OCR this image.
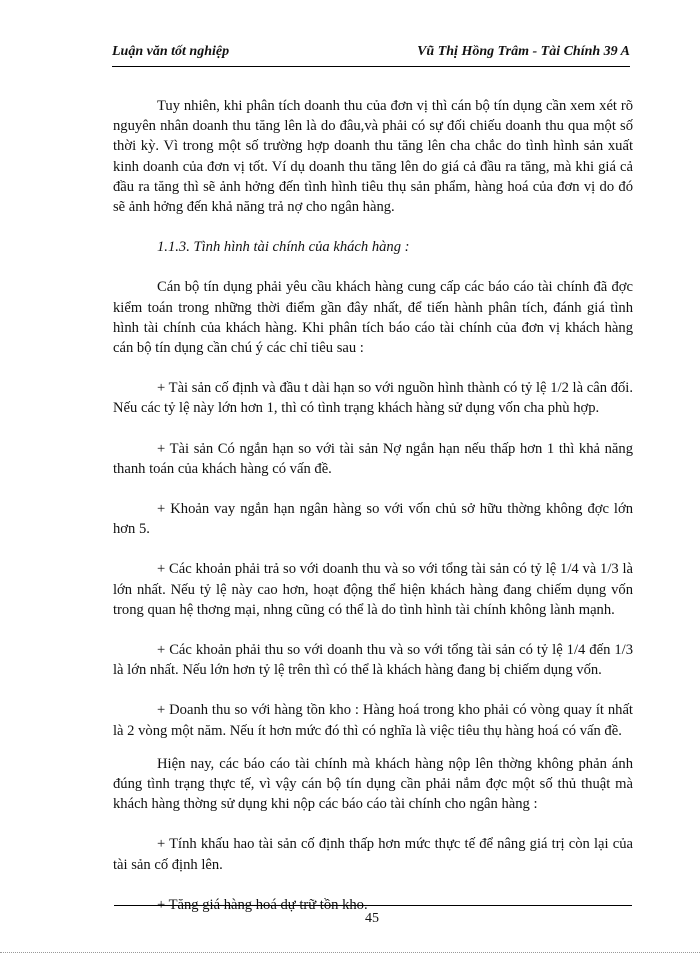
Luận văn tốt nghiệp	Vũ Thị Hồng Trâm - Tài Chính 39 A

Tuy nhiên, khi phân tích doanh thu của đơn vị thì cán bộ tín dụng cần xem xét rõ nguyên nhân doanh thu tăng lên là do đâu,và phải có sự đối chiếu doanh thu qua một số thời kỳ. Vì trong một số trường hợp doanh thu tăng lên cha chắc do tình hình sản xuất kinh doanh của đơn vị tốt. Ví dụ doanh thu tăng lên do giá cả đầu ra tăng, mà khi giá cả đầu ra tăng thì sẽ ảnh hởng đến tình hình tiêu thụ sản phẩm, hàng hoá của đơn vị do đó sẽ ảnh hởng đến khả năng trả nợ cho ngân hàng.

1.1.3. Tình hình tài chính của khách hàng :

Cán bộ tín dụng phải yêu cầu khách hàng cung cấp các báo cáo tài chính đã đợc kiểm toán trong những thời điểm gần đây nhất, để tiến hành phân tích, đánh giá tình hình tài chính của khách hàng. Khi phân tích báo cáo tài chính của đơn vị khách hàng cán bộ tín dụng cần chú ý các chỉ tiêu sau :

+ Tài sản cố định và đầu t dài hạn so với nguồn hình thành có tỷ lệ 1/2 là cân đối. Nếu các tỷ lệ này lớn hơn 1, thì có tình trạng khách hàng sử dụng vốn cha phù hợp.

+ Tài sản Có ngắn hạn so với tài sản Nợ ngắn hạn nếu thấp hơn 1 thì khả năng thanh toán của khách hàng có vấn đề.

+ Khoản vay ngắn hạn ngân hàng so với vốn chủ sở hữu thờng không đợc lớn hơn 5.

+ Các khoản phải trả so với doanh thu và so với tổng tài sản có tỷ lệ 1/4 và 1/3 là lớn nhất. Nếu tỷ lệ này cao hơn, hoạt động thể hiện khách hàng đang chiếm dụng vốn trong quan hệ thơng mại, nhng cũng có thể là do tình hình tài chính không lành mạnh.

+ Các khoản phải thu so với doanh thu và so với tổng tài sản có tỷ lệ 1/4 đến 1/3 là lớn nhất. Nếu lớn hơn tỷ lệ trên thì có thể là khách hàng đang bị chiếm dụng vốn.

+ Doanh thu so với hàng tồn kho : Hàng hoá trong kho phải có vòng quay ít nhất là 2 vòng một năm. Nếu ít hơn mức đó thì có nghĩa là việc tiêu thụ hàng hoá có vấn đề.

Hiện nay, các báo cáo tài chính mà khách hàng nộp lên thờng không phản ánh đúng tình trạng thực tế, vì vậy cán bộ tín dụng cần phải nắm đợc một số thủ thuật mà khách hàng thờng sử dụng khi nộp các báo cáo tài chính cho ngân hàng :

+ Tính khấu hao tài sản cố định thấp hơn mức thực tế để nâng giá trị còn lại của tài sản cố định lên.

+ Tăng giá hàng hoá dự trữ tồn kho.

45
